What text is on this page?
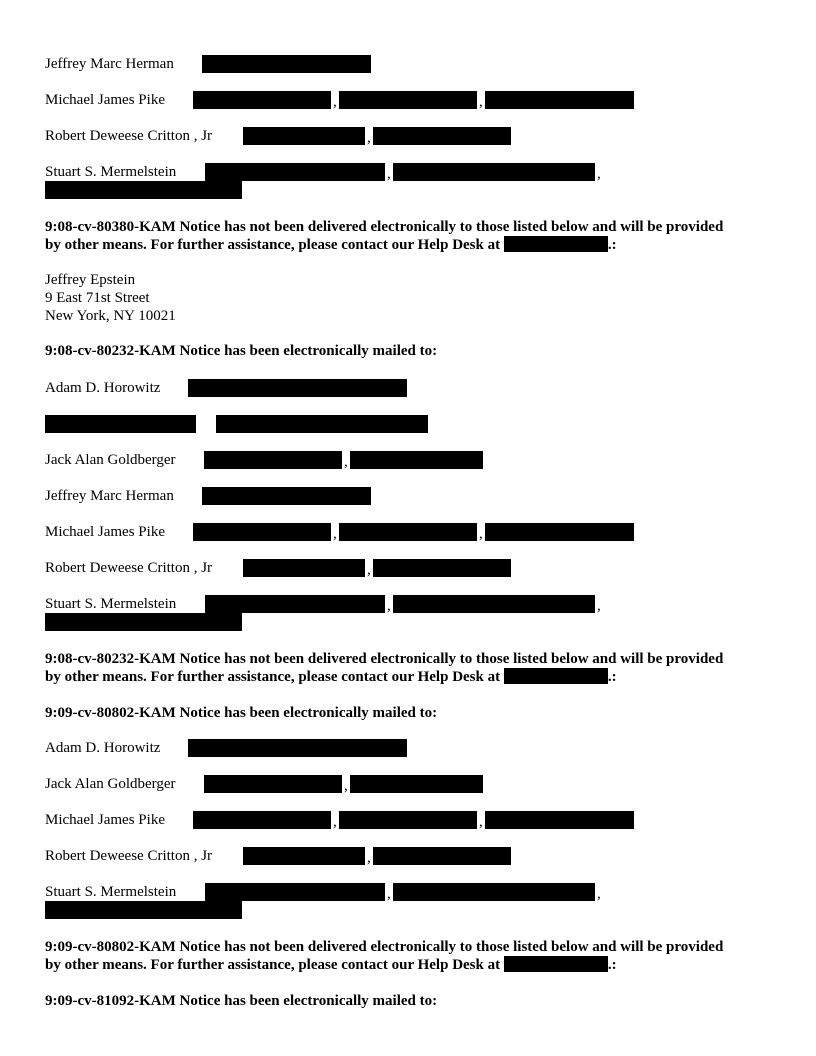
Jeffrey Marc Herman
Michael James Pike	,	,
Robert Deweese Critton , Jr	,
Stuart S. Mermelstein	,	,
9:08-cv-80380-KAM Notice has not been delivered electronically to those listed below and will be provided
by other means. For further assistance, please contact our Help Desk at	.:
Jeffrey Epstein
9 East 71st Street
New York, NY 10021
9:08-cv-80232-KAM Notice has been electronically mailed to:
Adam D. Horowitz
Jack Alan Goldberger	,
Jeffrey Marc Herman
Michael James Pike	,	,
Robert Deweese Critton , Jr	,
Stuart S. Mermelstein	,	,
9:08-cv-80232-KAM Notice has not been delivered electronically to those listed below and will be provided
by other means. For further assistance, please contact our Help Desk at	.:
9:09-cv-80802-KAM Notice has been electronically mailed to:
Adam D. Horowitz
Jack Alan Goldberger	,
Michael James Pike	,	,
Robert Deweese Critton , Jr	,
Stuart S. Mermelstein	,	,
9:09-cv-80802-KAM Notice has not been delivered electronically to those listed below and will be provided
by other means. For further assistance, please contact our Help Desk at	.:
9:09-cv-81092-KAM Notice has been electronically mailed to:
